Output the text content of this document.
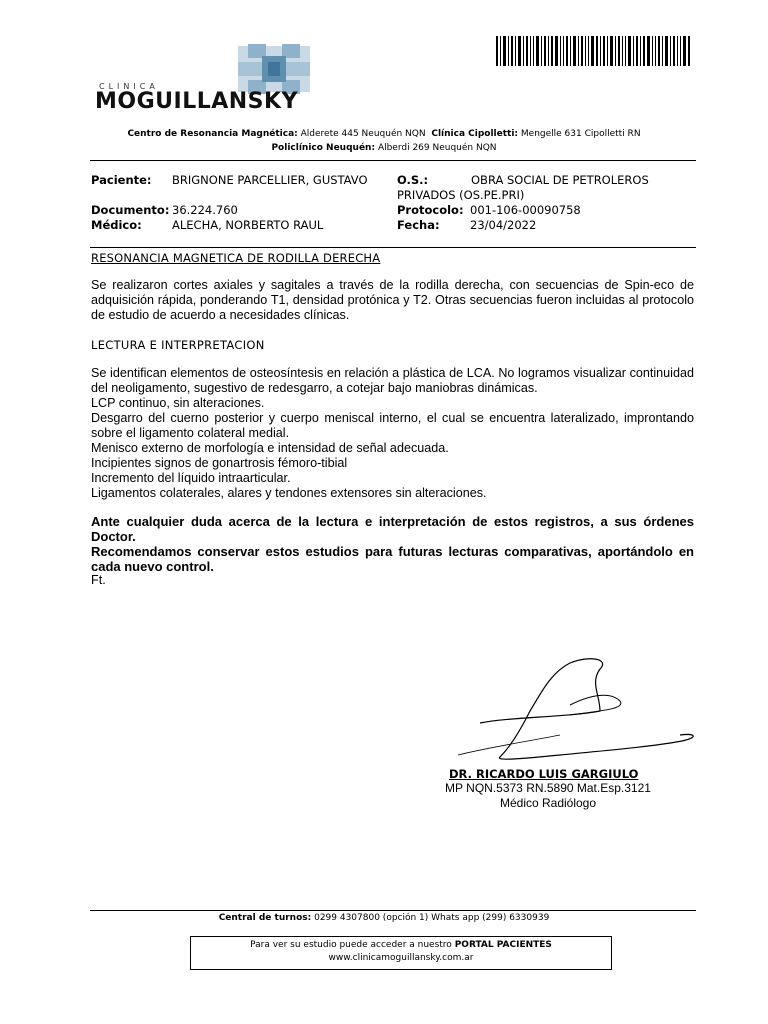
CLINICA
MOGUILLANSKY
Centro de Resonancia Magnética: Alderete 445 Neuquén NQN Clínica Cipolletti: Mengelle 631 Cipolletti RN
Policlínico Neuquén: Alberdi 269 Neuquén NQN
Paciente: BRIGNONE PARCELLIER, GUSTAVO	O.S.:	OBRA SOCIAL DE PETROLEROS
PRIVADOS (OS.PE.PRI)
Documento: 36.224.760	Protocolo: 001-106-00090758
Médico:	ALECHA, NORBERTO RAUL	Fecha:	23/04/2022
RESONANCIA MAGNETICA DE RODILLA DERECHA
Se realizaron cortes axiales y sagitales a través de la rodilla derecha, con secuencias de Spin-eco de adquisición rápida, ponderando T1, densidad protónica y T2. Otras secuencias fueron incluidas al protocolo de estudio de acuerdo a necesidades clínicas.
LECTURA E INTERPRETACION
Se identifican elementos de osteosíntesis en relación a plástica de LCA. No logramos visualizar continuidad del neoligamento, sugestivo de redesgarro, a cotejar bajo maniobras dinámicas.
LCP continuo, sin alteraciones.
Desgarro del cuerno posterior y cuerpo meniscal interno, el cual se encuentra lateralizado, improntando sobre el ligamento colateral medial.
Menisco externo de morfología e intensidad de señal adecuada.
Incipientes signos de gonartrosis fémoro-tibial
Incremento del líquido intraarticular.
Ligamentos colaterales, alares y tendones extensores sin alteraciones.
Ante cualquier duda acerca de la lectura e interpretación de estos registros, a sus órdenes Doctor.
Recomendamos conservar estos estudios para futuras lecturas comparativas, aportándolo en cada nuevo control.
Ft.
DR. RICARDO LUIS GARGIULO
MP NQN.5373 RN.5890 Mat.Esp.3121
Médico Radiólogo
Central de turnos: 0299 4307800 (opción 1) Whats app (299) 6330939
Para ver su estudio puede acceder a nuestro PORTAL PACIENTES
www.clinicamoguillansky.com.ar
